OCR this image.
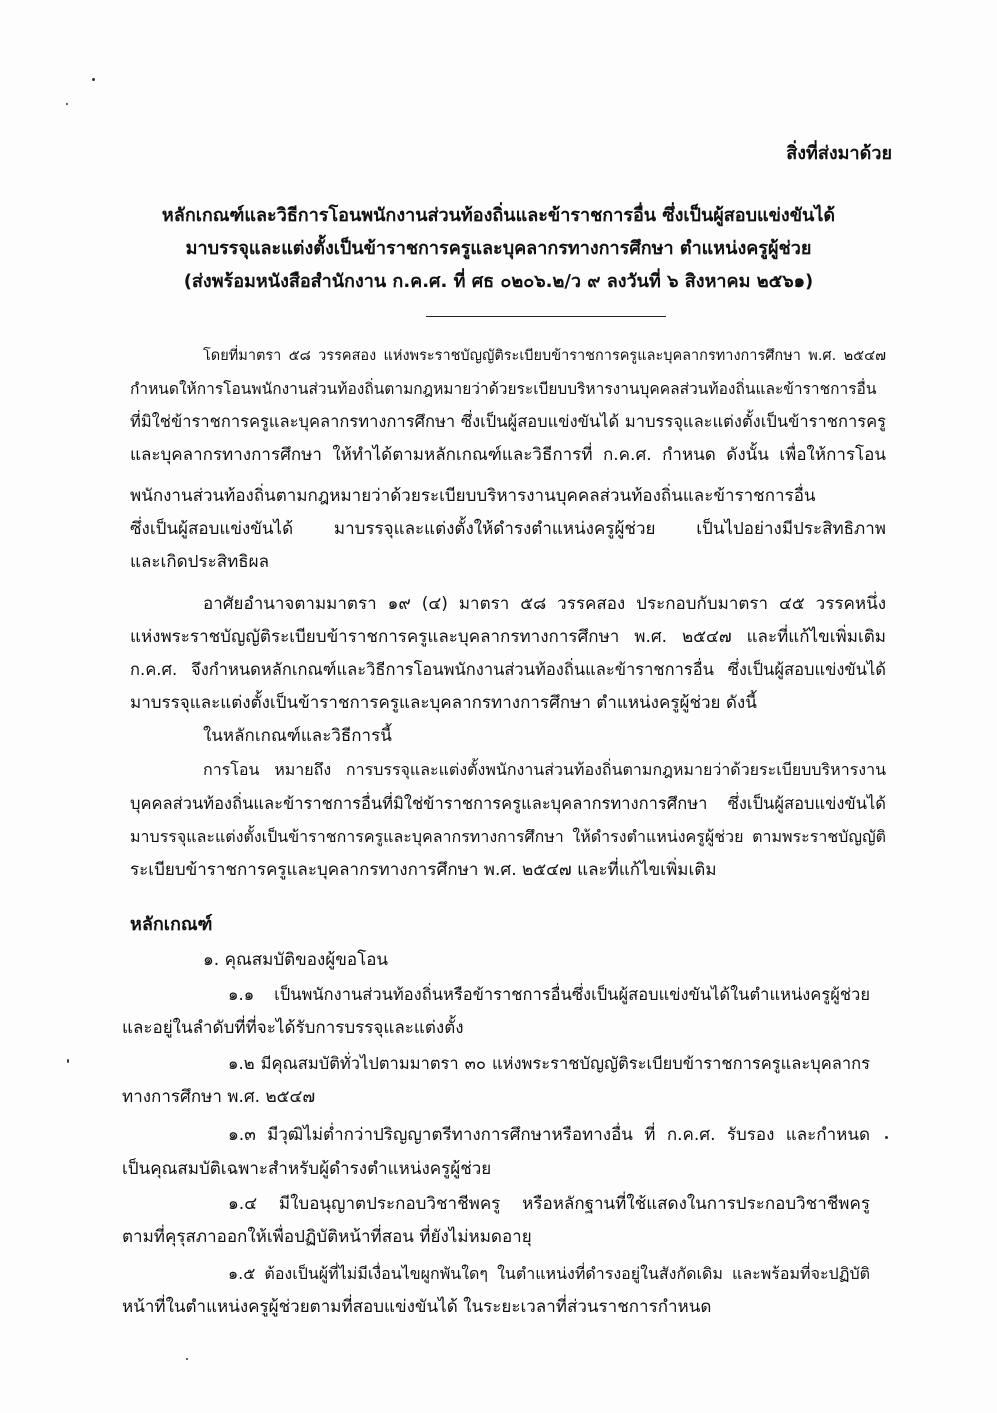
สิ่งที่ส่งมาด้วย
หลักเกณฑ์และวิธีการโอนพนักงานส่วนท้องถิ่นและข้าราชการอื่น ซึ่งเป็นผู้สอบแข่งขันได้
มาบรรจุและแต่งตั้งเป็นข้าราชการครูและบุคลากรทางการศึกษา ตำแหน่งครูผู้ช่วย
(ส่งพร้อมหนังสือสำนักงาน ก.ค.ศ. ที่ ศธ ๐๒๐๖.๒/ว ๙ ลงวันที่ ๖ สิงหาคม ๒๕๖๑)
โดยที่มาตรา ๕๘ วรรคสอง แห่งพระราชบัญญัติระเบียบข้าราชการครูและบุคลากรทางการศึกษา พ.ศ. ๒๕๔๗
กำหนดให้การโอนพนักงานส่วนท้องถิ่นตามกฎหมายว่าด้วยระเบียบบริหารงานบุคคลส่วนท้องถิ่นและข้าราชการอื่น
ที่มิใช่ข้าราชการครูและบุคลากรทางการศึกษา ซึ่งเป็นผู้สอบแข่งขันได้ มาบรรจุและแต่งตั้งเป็นข้าราชการครู
และบุคลากรทางการศึกษา ให้ทำได้ตามหลักเกณฑ์และวิธีการที่ ก.ค.ศ. กำหนด ดังนั้น เพื่อให้การโอน
พนักงานส่วนท้องถิ่นตามกฎหมายว่าด้วยระเบียบบริหารงานบุคคลส่วนท้องถิ่นและข้าราชการอื่น
ซึ่งเป็นผู้สอบแข่งขันได้ มาบรรจุและแต่งตั้งให้ดำรงตำแหน่งครูผู้ช่วย เป็นไปอย่างมีประสิทธิภาพ
และเกิดประสิทธิผล
อาศัยอำนาจตามมาตรา ๑๙ (๔) มาตรา ๕๘ วรรคสอง ประกอบกับมาตรา ๔๕ วรรคหนึ่ง
แห่งพระราชบัญญัติระเบียบข้าราชการครูและบุคลากรทางการศึกษา พ.ศ. ๒๕๔๗ และที่แก้ไขเพิ่มเติม
ก.ค.ศ. จึงกำหนดหลักเกณฑ์และวิธีการโอนพนักงานส่วนท้องถิ่นและข้าราชการอื่น ซึ่งเป็นผู้สอบแข่งขันได้
มาบรรจุและแต่งตั้งเป็นข้าราชการครูและบุคลากรทางการศึกษา ตำแหน่งครูผู้ช่วย ดังนี้
ในหลักเกณฑ์และวิธีการนี้
การโอน หมายถึง การบรรจุและแต่งตั้งพนักงานส่วนท้องถิ่นตามกฎหมายว่าด้วยระเบียบบริหารงาน
บุคคลส่วนท้องถิ่นและข้าราชการอื่นที่มิใช่ข้าราชการครูและบุคลากรทางการศึกษา ซึ่งเป็นผู้สอบแข่งขันได้
มาบรรจุและแต่งตั้งเป็นข้าราชการครูและบุคลากรทางการศึกษา ให้ดำรงตำแหน่งครูผู้ช่วย ตามพระราชบัญญัติ
ระเบียบข้าราชการครูและบุคลากรทางการศึกษา พ.ศ. ๒๕๔๗ และที่แก้ไขเพิ่มเติม
หลักเกณฑ์
๑. คุณสมบัติของผู้ขอโอน
๑.๑ เป็นพนักงานส่วนท้องถิ่นหรือข้าราชการอื่นซึ่งเป็นผู้สอบแข่งขันได้ในตำแหน่งครูผู้ช่วย
และอยู่ในลำดับที่ที่จะได้รับการบรรจุและแต่งตั้ง
๑.๒ มีคุณสมบัติทั่วไปตามมาตรา ๓๐ แห่งพระราชบัญญัติระเบียบข้าราชการครูและบุคลากร
ทางการศึกษา พ.ศ. ๒๕๔๗
๑.๓ มีวุฒิไม่ต่ำกว่าปริญญาตรีทางการศึกษาหรือทางอื่น ที่ ก.ค.ศ. รับรอง และกำหนด
เป็นคุณสมบัติเฉพาะสำหรับผู้ดำรงตำแหน่งครูผู้ช่วย
๑.๔ มีใบอนุญาตประกอบวิชาชีพครู หรือหลักฐานที่ใช้แสดงในการประกอบวิชาชีพครู
ตามที่คุรุสภาออกให้เพื่อปฏิบัติหน้าที่สอน ที่ยังไม่หมดอายุ
๑.๕ ต้องเป็นผู้ที่ไม่มีเงื่อนไขผูกพันใดๆ ในตำแหน่งที่ดำรงอยู่ในสังกัดเดิม และพร้อมที่จะปฏิบัติ
หน้าที่ในตำแหน่งครูผู้ช่วยตามที่สอบแข่งขันได้ ในระยะเวลาที่ส่วนราชการกำหนด
